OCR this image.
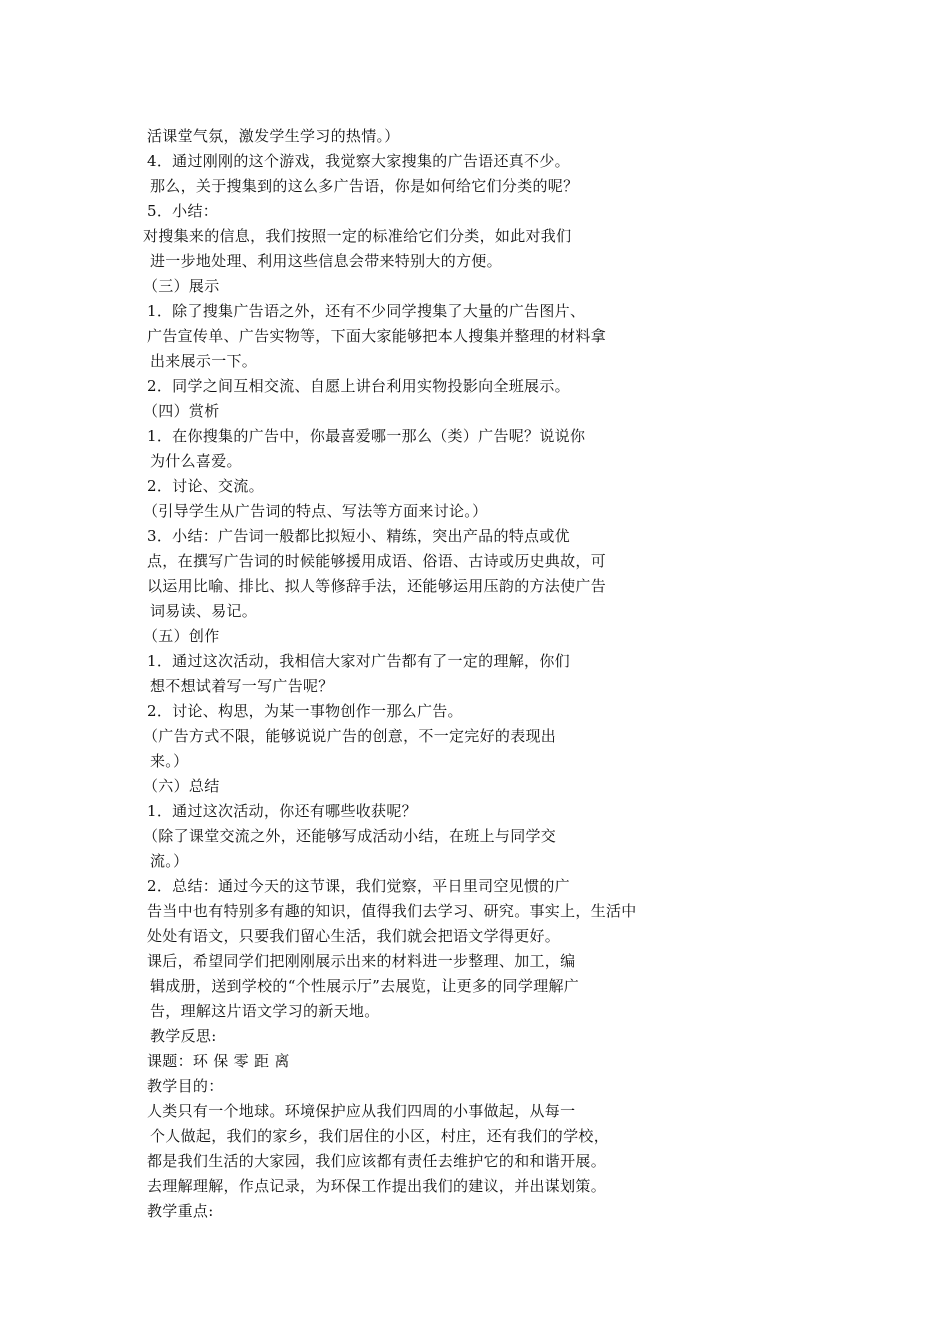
活课堂气氛，激发学生学习的热情。）
4．通过刚刚的这个游戏，我觉察大家搜集的广告语还真不少。
那么，关于搜集到的这么多广告语，你是如何给它们分类的呢？
5．小结：
对搜集来的信息，我们按照一定的标准给它们分类，如此对我们
进一步地处理、利用这些信息会带来特别大的方便。
（三）展示
1．除了搜集广告语之外，还有不少同学搜集了大量的广告图片、
广告宣传单、广告实物等，下面大家能够把本人搜集并整理的材料拿
出来展示一下。
2．同学之间互相交流、自愿上讲台利用实物投影向全班展示。
（四）赏析
1．在你搜集的广告中，你最喜爱哪一那么（类）广告呢？说说你
为什么喜爱。
2．讨论、交流。
（引导学生从广告词的特点、写法等方面来讨论。）
3．小结：广告词一般都比拟短小、精练，突出产品的特点或优
点，在撰写广告词的时候能够援用成语、俗语、古诗或历史典故，可
以运用比喻、排比、拟人等修辞手法，还能够运用压韵的方法使广告
词易读、易记。
（五）创作
1．通过这次活动，我相信大家对广告都有了一定的理解，你们
想不想试着写一写广告呢？
2．讨论、构思，为某一事物创作一那么广告。
（广告方式不限，能够说说广告的创意，不一定完好的表现出
来。）
（六）总结
1．通过这次活动，你还有哪些收获呢？
（除了课堂交流之外，还能够写成活动小结，在班上与同学交
流。）
2．总结：通过今天的这节课，我们觉察，平日里司空见惯的广
告当中也有特别多有趣的知识，值得我们去学习、研究。事实上，生活中
处处有语文，只要我们留心生活，我们就会把语文学得更好。
课后，希望同学们把刚刚展示出来的材料进一步整理、加工，编
辑成册，送到学校的“个性展示厅”去展览，让更多的同学理解广
告，理解这片语文学习的新天地。
教学反思:
课题：环 保 零 距 离
教学目的：
人类只有一个地球。环境保护应从我们四周的小事做起，从每一
个人做起，我们的家乡，我们居住的小区，村庄，还有我们的学校，
都是我们生活的大家园，我们应该都有责任去维护它的和和谐开展。
去理解理解，作点记录，为环保工作提出我们的建议，并出谋划策。
教学重点:
